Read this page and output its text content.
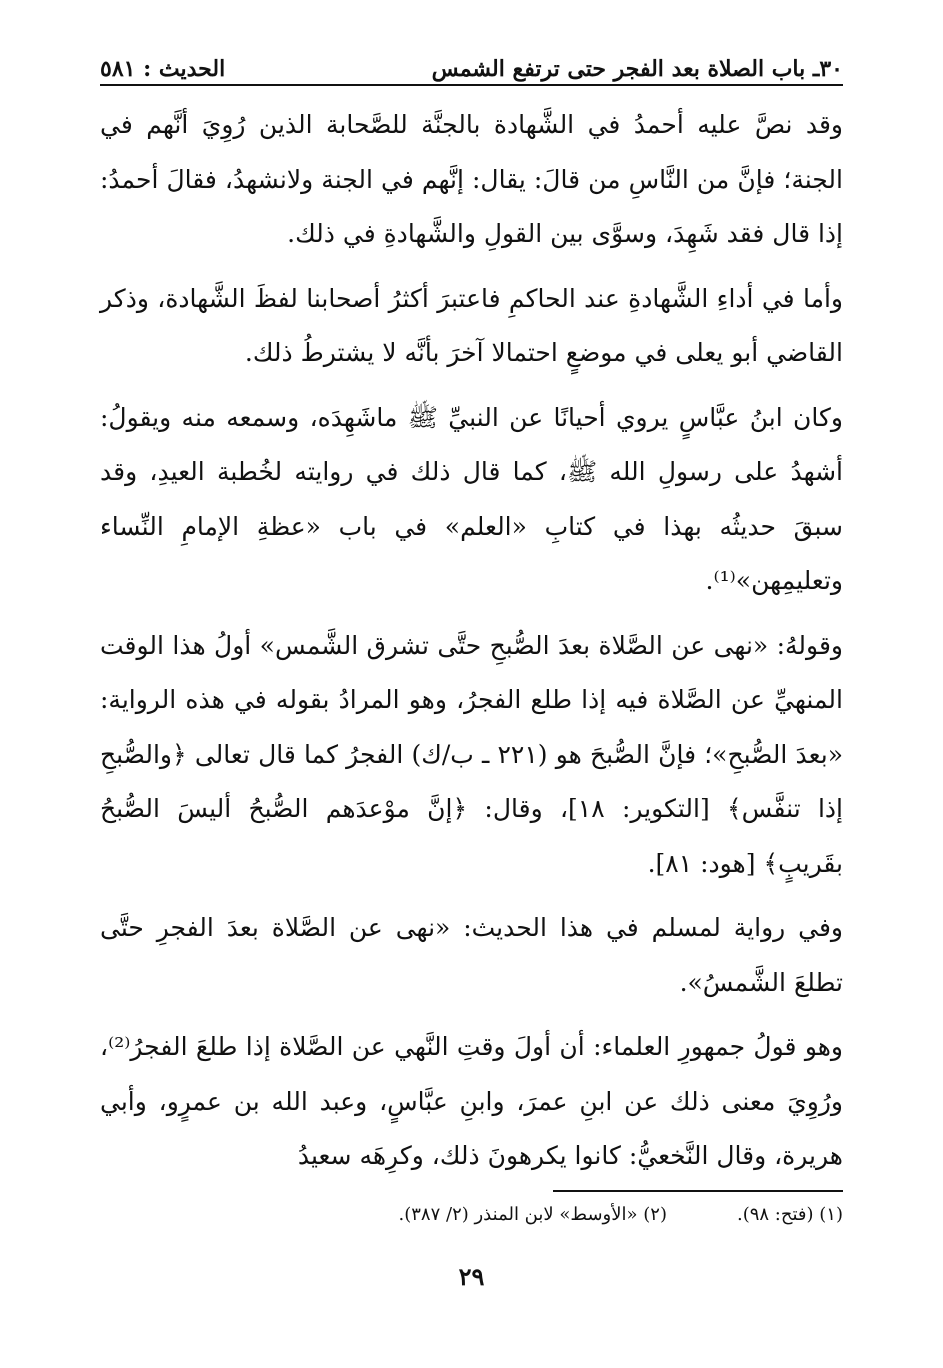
٣٠ـ باب الصلاة بعد الفجر حتى ترتفع الشمس
الحديث : ٥٨١

وقد نصَّ عليه أحمدُ في الشَّهادة بالجنَّة للصَّحابة الذين رُوِيَ أنَّهم في الجنة؛ فإنَّ من النَّاسِ من قالَ: يقال: إنَّهم في الجنة ولانشهدُ، فقالَ أحمدُ: إذا قال فقد شَهِدَ، وسوَّى بين القولِ والشَّهادةِ في ذلك.

وأما في أداءِ الشَّهادةِ عند الحاكمِ فاعتبرَ أكثرُ أصحابنا لفظَ الشَّهادة، وذكر القاضي أبو يعلى في موضعٍ احتمالا آخرَ بأنَّه لا يشترطُ ذلك.

وكان ابنُ عبَّاسٍ يروي أحيانًا عن النبيِّ ﷺ ماشَهِدَه، وسمعه منه ويقولُ: أشهدُ على رسولِ الله ﷺ، كما قال ذلك في روايته لخُطبة العيدِ، وقد سبقَ حديثُه بهذا في كتابِ «العلم» في باب «عظةِ الإمامِ النِّساء وتعليمِهن»⁽¹⁾.

وقولهُ: «نهى عن الصَّلاة بعدَ الصُّبحِ حتَّى تشرق الشَّمس» أولُ هذا الوقت المنهيِّ عن الصَّلاة فيه إذا طلع الفجرُ، وهو المرادُ بقوله في هذه الرواية: «بعدَ الصُّبحِ»؛ فإنَّ الصُّبحَ هو (٢٢١ ـ ب/ك) الفجرُ كما قال تعالى ﴿والصُّبحِ إذا تنفَّس﴾ [التكوير: ١٨]، وقال: ﴿إنَّ موْعدَهم الصُّبحُ أليسَ الصُّبحُ بقَريبٍ﴾ [هود: ٨١].

وفي رواية لمسلم في هذا الحديث: «نهى عن الصَّلاة بعدَ الفجرِ حتَّى تطلعَ الشَّمسُ».

وهو قولُ جمهورِ العلماء: أن أولَ وقتِ النَّهي عن الصَّلاة إذا طلعَ الفجرُ⁽²⁾، ورُوِيَ معنى ذلك عن ابنِ عمرَ، وابنِ عبَّاسٍ، وعبد الله بن عمرٍو، وأبي هريرة، وقال النَّخعيُّ: كانوا يكرهونَ ذلك، وكرِهَه سعيدُ

(١) (فتح: ٩٨).
(٢) «الأوسط» لابن المنذر (٢/ ٣٨٧).
٢٩
